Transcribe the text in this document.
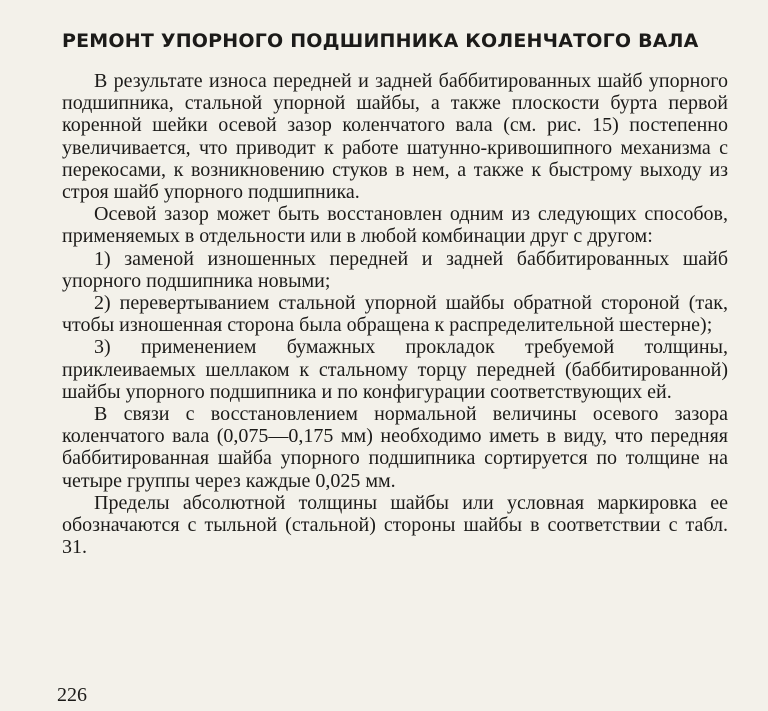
РЕМОНТ УПОРНОГО ПОДШИПНИКА КОЛЕНЧАТОГО ВАЛА

В результате износа передней и задней баббитированных шайб упорного подшипника, стальной упорной шайбы, а также плоскости бурта первой коренной шейки осевой зазор коленчатого вала (см. рис. 15) постепенно увеличивается, что приводит к работе шатунно-кривошипного механизма с перекосами, к возникновению стуков в нем, а также к быстрому выходу из строя шайб упорного подшипника.

Осевой зазор может быть восстановлен одним из следующих способов, применяемых в отдельности или в любой комбинации друг с другом:

1) заменой изношенных передней и задней баббитированных шайб упорного подшипника новыми;

2) перевертыванием стальной упорной шайбы обратной стороной (так, чтобы изношенная сторона была обращена к распределительной шестерне);

3) применением бумажных прокладок требуемой толщины, приклеиваемых шеллаком к стальному торцу передней (баббитированной) шайбы упорного подшипника и по конфигурации соответствующих ей.

В связи с восстановлением нормальной величины осевого зазора коленчатого вала (0,075—0,175 мм) необходимо иметь в виду, что передняя баббитированная шайба упорного подшипника сортируется по толщине на четыре группы через каждые 0,025 мм.

Пределы абсолютной толщины шайбы или условная маркировка ее обозначаются с тыльной (стальной) стороны шайбы в соответствии с табл. 31.

226
